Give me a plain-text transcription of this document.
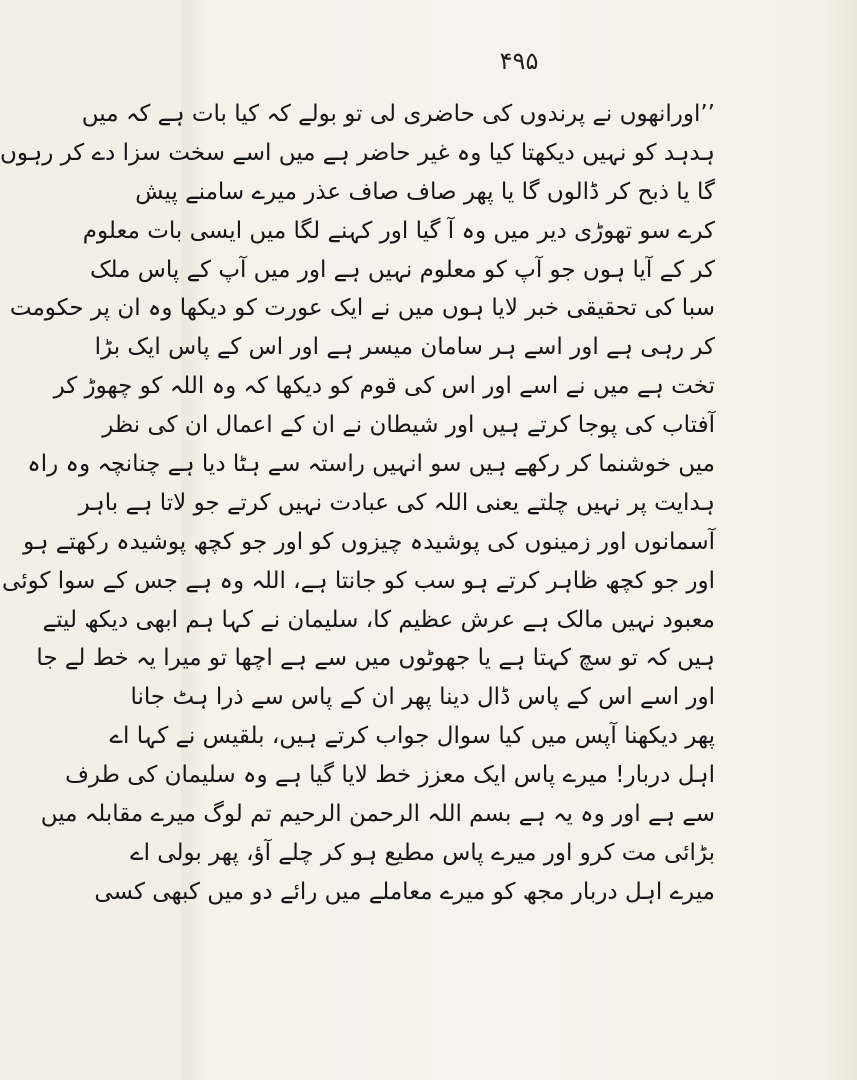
۴۹۵
’’اورانھوں نے پرندوں کی حاضری لی تو بولے کہ کیا بات ہے کہ میں
ہدہد کو نہیں دیکھتا کیا وہ غیر حاضر ہے میں اسے سخت سزا دے کر رہوں
گا یا ذبح کر ڈالوں گا یا پھر صاف صاف عذر میرے سامنے پیش
کرے سو تھوڑی دیر میں وہ آ گیا اور کہنے لگا میں ایسی بات معلوم
کر کے آیا ہوں جو آپ کو معلوم نہیں ہے اور میں آپ کے پاس ملک
سبا کی تحقیقی خبر لایا ہوں میں نے ایک عورت کو دیکھا وہ ان پر حکومت
کر رہی ہے اور اسے ہر سامان میسر ہے اور اس کے پاس ایک بڑا
تخت ہے میں نے اسے اور اس کی قوم کو دیکھا کہ وہ اللہ کو چھوڑ کر
آفتاب کی پوجا کرتے ہیں اور شیطان نے ان کے اعمال ان کی نظر
میں خوشنما کر رکھے ہیں سو انہیں راستہ سے ہٹا دیا ہے چنانچہ وہ راہ
ہدایت پر نہیں چلتے یعنی اللہ کی عبادت نہیں کرتے جو لاتا ہے باہر
آسمانوں اور زمینوں کی پوشیدہ چیزوں کو اور جو کچھ پوشیدہ رکھتے ہو
اور جو کچھ ظاہر کرتے ہو سب کو جانتا ہے، اللہ وہ ہے جس کے سوا کوئی
معبود نہیں مالک ہے عرش عظیم کا، سلیمان نے کہا ہم ابھی دیکھ لیتے
ہیں کہ تو سچ کہتا ہے یا جھوٹوں میں سے ہے اچھا تو میرا یہ خط لے جا
اور اسے اس کے پاس ڈال دینا پھر ان کے پاس سے ذرا ہٹ جانا
پھر دیکھنا آپس میں کیا سوال جواب کرتے ہیں، بلقیس نے کہا اے
اہل دربار! میرے پاس ایک معزز خط لایا گیا ہے وہ سلیمان کی طرف
سے ہے اور وہ یہ ہے بسم اللہ الرحمن الرحیم تم لوگ میرے مقابلہ میں
بڑائی مت کرو اور میرے پاس مطیع ہو کر چلے آؤ، پھر بولی اے
میرے اہل دربار مجھ کو میرے معاملے میں رائے دو میں کبھی کسی
